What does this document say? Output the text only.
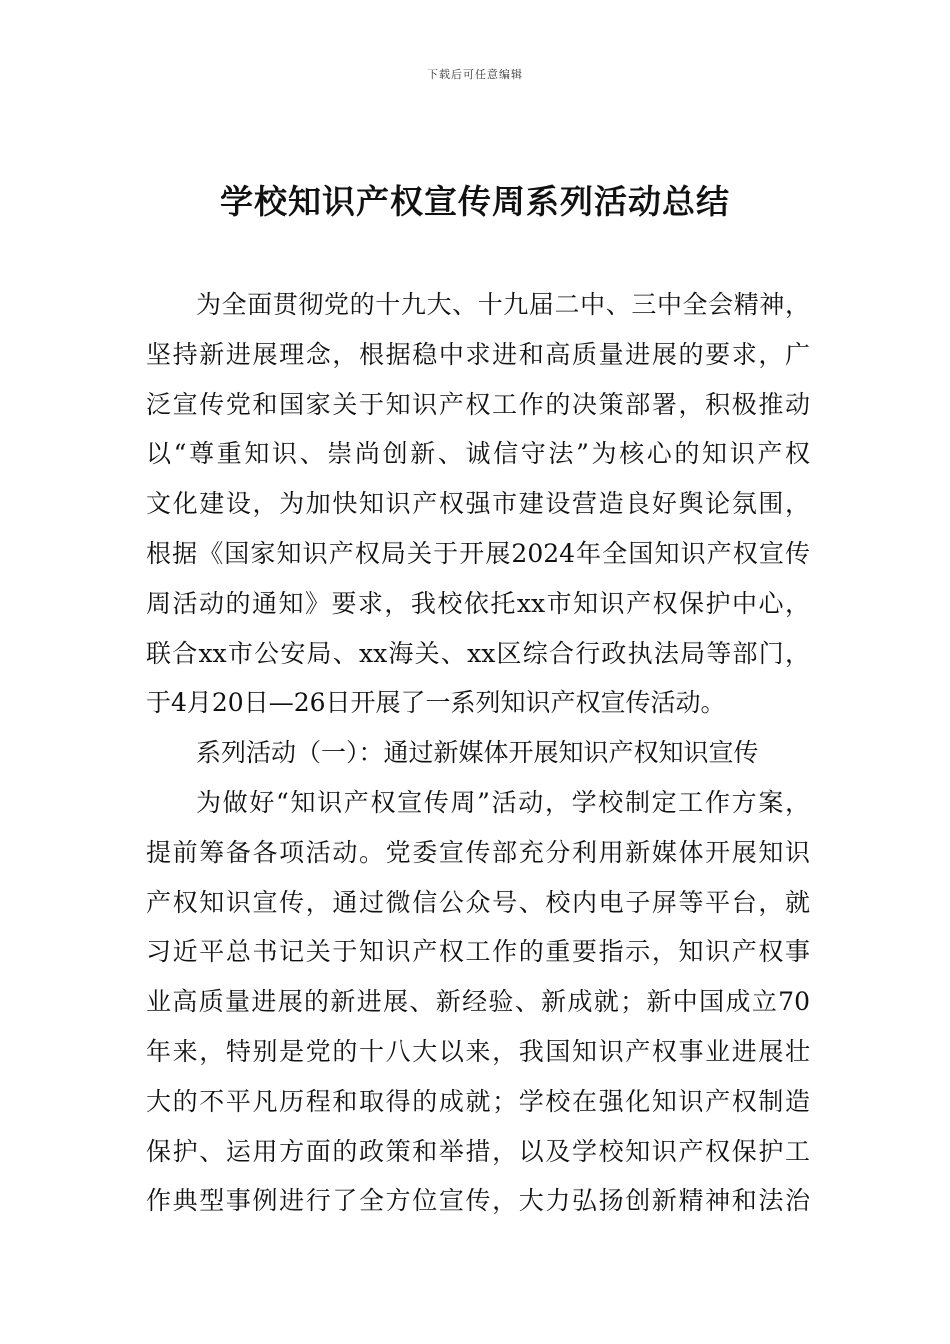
下载后可任意编辑
学校知识产权宣传周系列活动总结
为全面贯彻党的十九大、十九届二中、三中全会精神，
坚持新进展理念，根据稳中求进和高质量进展的要求，广
泛宣传党和国家关于知识产权工作的决策部署，积极推动
以“尊重知识、崇尚创新、诚信守法”为核心的知识产权
文化建设，为加快知识产权强市建设营造良好舆论氛围，
根据《国家知识产权局关于开展2024年全国知识产权宣传
周活动的通知》要求，我校依托xx市知识产权保护中心，
联合xx市公安局、xx海关、xx区综合行政执法局等部门，
于4月20日—26日开展了一系列知识产权宣传活动。
系列活动（一）：通过新媒体开展知识产权知识宣传
为做好“知识产权宣传周”活动，学校制定工作方案，
提前筹备各项活动。党委宣传部充分利用新媒体开展知识
产权知识宣传，通过微信公众号、校内电子屏等平台，就
习近平总书记关于知识产权工作的重要指示，知识产权事
业高质量进展的新进展、新经验、新成就；新中国成立70
年来，特别是党的十八大以来，我国知识产权事业进展壮
大的不平凡历程和取得的成就；学校在强化知识产权制造
保护、运用方面的政策和举措，以及学校知识产权保护工
作典型事例进行了全方位宣传，大力弘扬创新精神和法治
